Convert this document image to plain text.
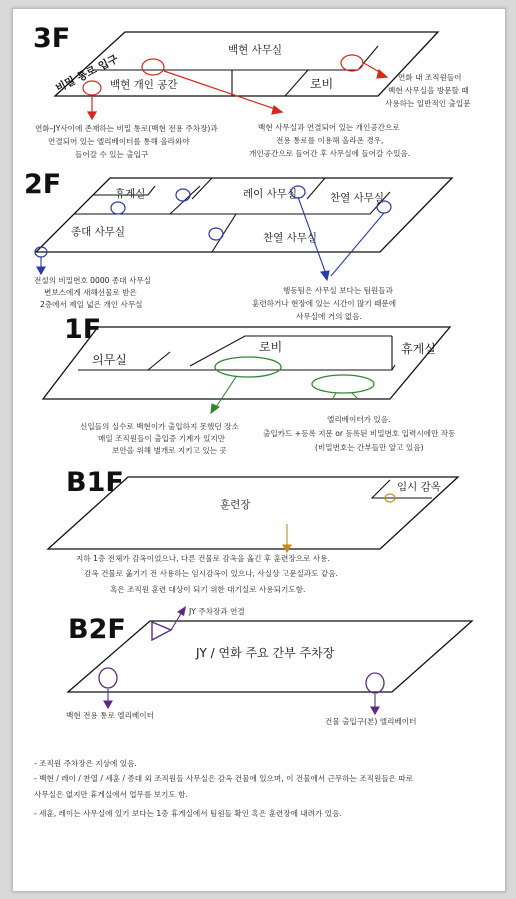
3F	백현 사무실
백현 개인 공간	로비
비밀 통로 입구
연화–JY사이에 존재하는 비밀 통로(백현 전용 주차장)과
연결되어 있는 엘리베이터를 통해 올라와야
들어갈 수 있는 출입구
백현 사무실과 연결되어 있는 개인공간으로
전용 통로를 이용해 올라온 경우,
개인공간으로 들어간 후 사무실에 들어갈 수있음.
연화 내 조직원들이
백현 사무실을 방문할 때
사용하는 일반적인 출입문
2F	휴게실	레이 사무실	찬열 사무실
종대 사무실	찬열 사무실
전설의 비밀번호 0000 종대 사무실
변보스에게 새해선물로 받은
2층에서 제일 넓은 개인 사무실
행동팀은 사무실 보다는 팀원들과
훈련하거나 현장에 있는 시간이 많기 때문에
사무실에 거의 없음.
1F
의무실
로비	휴게실
신입들의 실수로 백현이가 출입하지 못했던 장소
매일 조직원들이 출입증 기계가 있지만
보안을 위해 별개로 지키고 있는 곳
엘리베이터가 있음.
출입카드 +등록 지문 or 등록된 비밀번호 입력시에만 작동
(비밀번호는 간부들만 알고 있음)
B1F
훈련장
임시 감옥
지하 1층 전체가 감옥이었으나, 다른 건물로 감옥을 옮긴 후 훈련장으로 사용.
감옥 건물로 옮기기 전 사용하는 임시감옥이 있으나, 사실상 고문실과도 같음.
혹은 조직원 훈련 대상이 되기 위한 대기실로 사용되기도함.
B2F
JY / 연화 주요 간부 주차장
JY 주차장과 연결
백현 전용 통로 엘리베이터
건물 출입구(본) 엘리베이터
- 조직원 주차장은 지상에 있음.
- 백현 / 레이 / 찬열 / 세훈 / 종대 외 조직원들 사무실은 감옥 건물에 있으며, 이 건물에서 근무하는 조직원들은 따로
사무실은 없지만 휴게실에서 업무를 보기도 함.
- 세훈, 레이는 사무실에 있기 보다는 1층 휴게실에서 팀원들 확인 혹은 훈련장에 내려가 있음.
